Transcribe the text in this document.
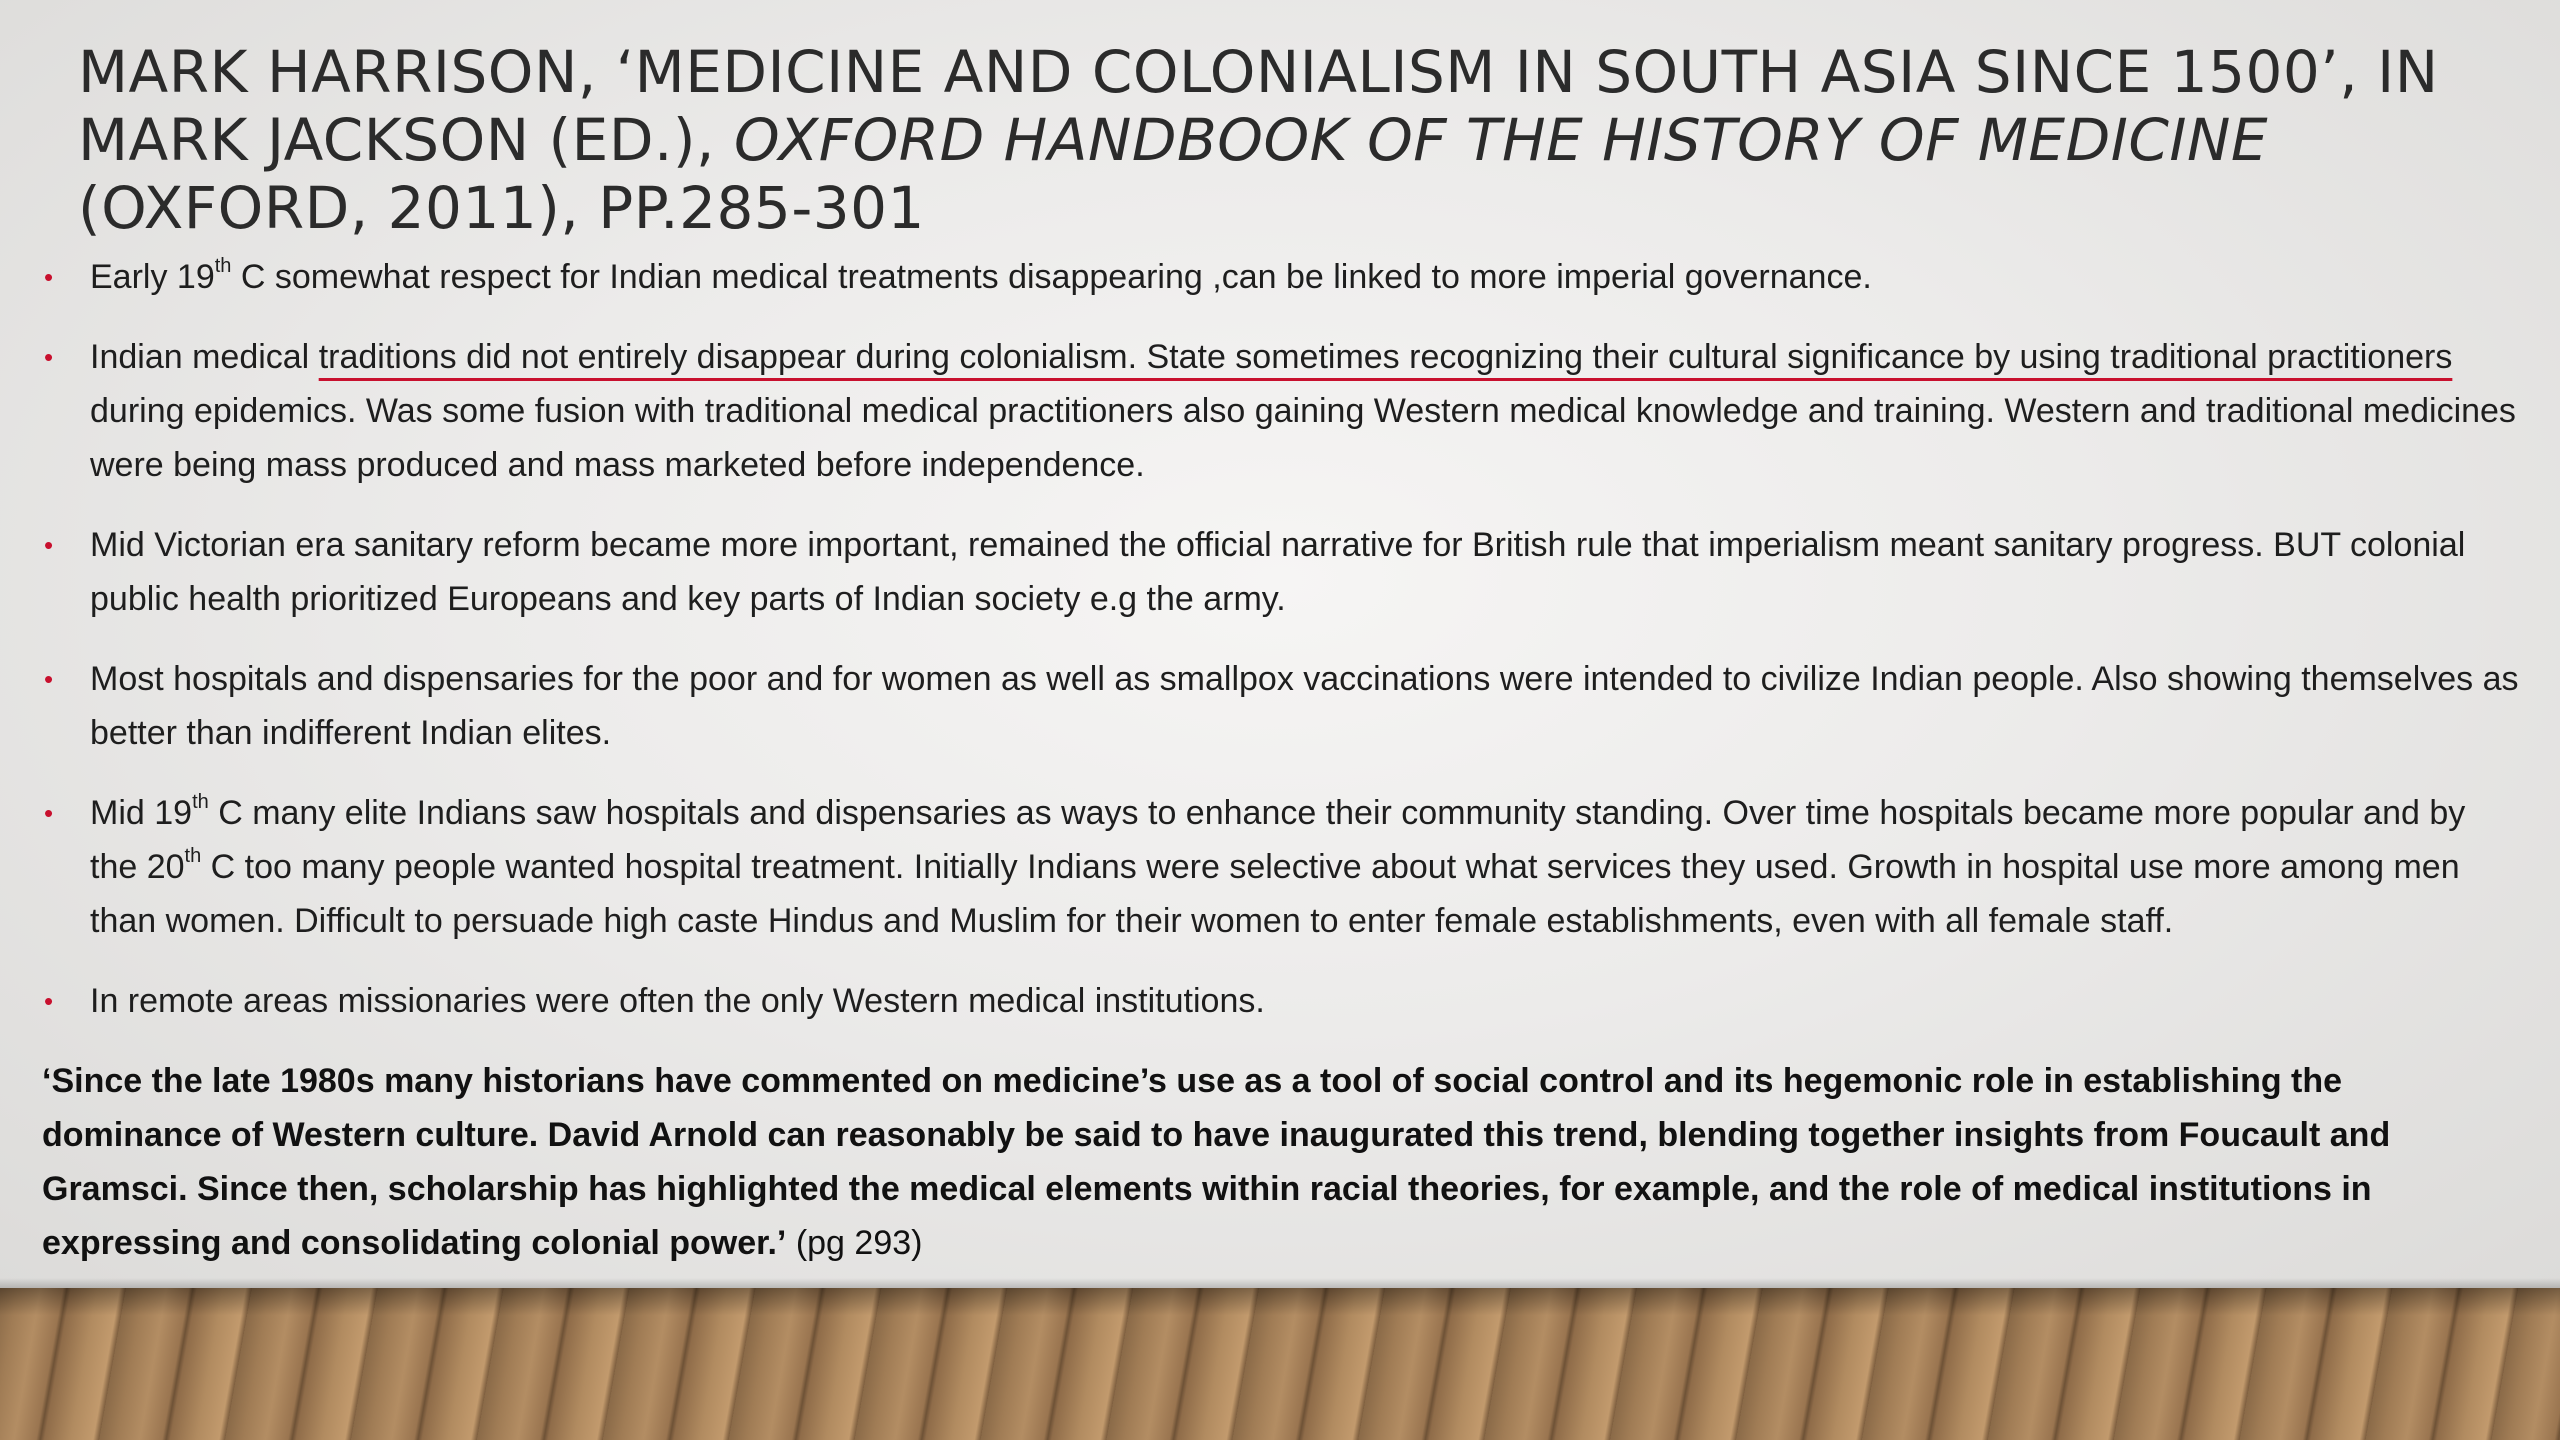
MARK HARRISON, ‘MEDICINE AND COLONIALISM IN SOUTH ASIA SINCE 1500’, IN MARK JACKSON (ED.), OXFORD HANDBOOK OF THE HISTORY OF MEDICINE (OXFORD, 2011), PP.285-301
• Early 19th C somewhat respect for Indian medical treatments disappearing ,can be linked to more imperial governance.
• Indian medical traditions did not entirely disappear during colonialism. State sometimes recognizing their cultural significance by using traditional practitioners during epidemics. Was some fusion with traditional medical practitioners also gaining Western medical knowledge and training. Western and traditional medicines were being mass produced and mass marketed before independence.
• Mid Victorian era sanitary reform became more important, remained the official narrative for British rule that imperialism meant sanitary progress. BUT colonial public health prioritized Europeans and key parts of Indian society e.g the army.
• Most hospitals and dispensaries for the poor and for women as well as smallpox vaccinations were intended to civilize Indian people. Also showing themselves as better than indifferent Indian elites.
• Mid 19th C many elite Indians saw hospitals and dispensaries as ways to enhance their community standing. Over time hospitals became more popular and by the 20th C too many people wanted hospital treatment. Initially Indians were selective about what services they used. Growth in hospital use more among men than women. Difficult to persuade high caste Hindus and Muslim for their women to enter female establishments, even with all female staff.
• In remote areas missionaries were often the only Western medical institutions.

‘Since the late 1980s many historians have commented on medicine’s use as a tool of social control and its hegemonic role in establishing the dominance of Western culture. David Arnold can reasonably be said to have inaugurated this trend, blending together insights from Foucault and Gramsci. Since then, scholarship has highlighted the medical elements within racial theories, for example, and the role of medical institutions in expressing and consolidating colonial power.’ (pg 293)
